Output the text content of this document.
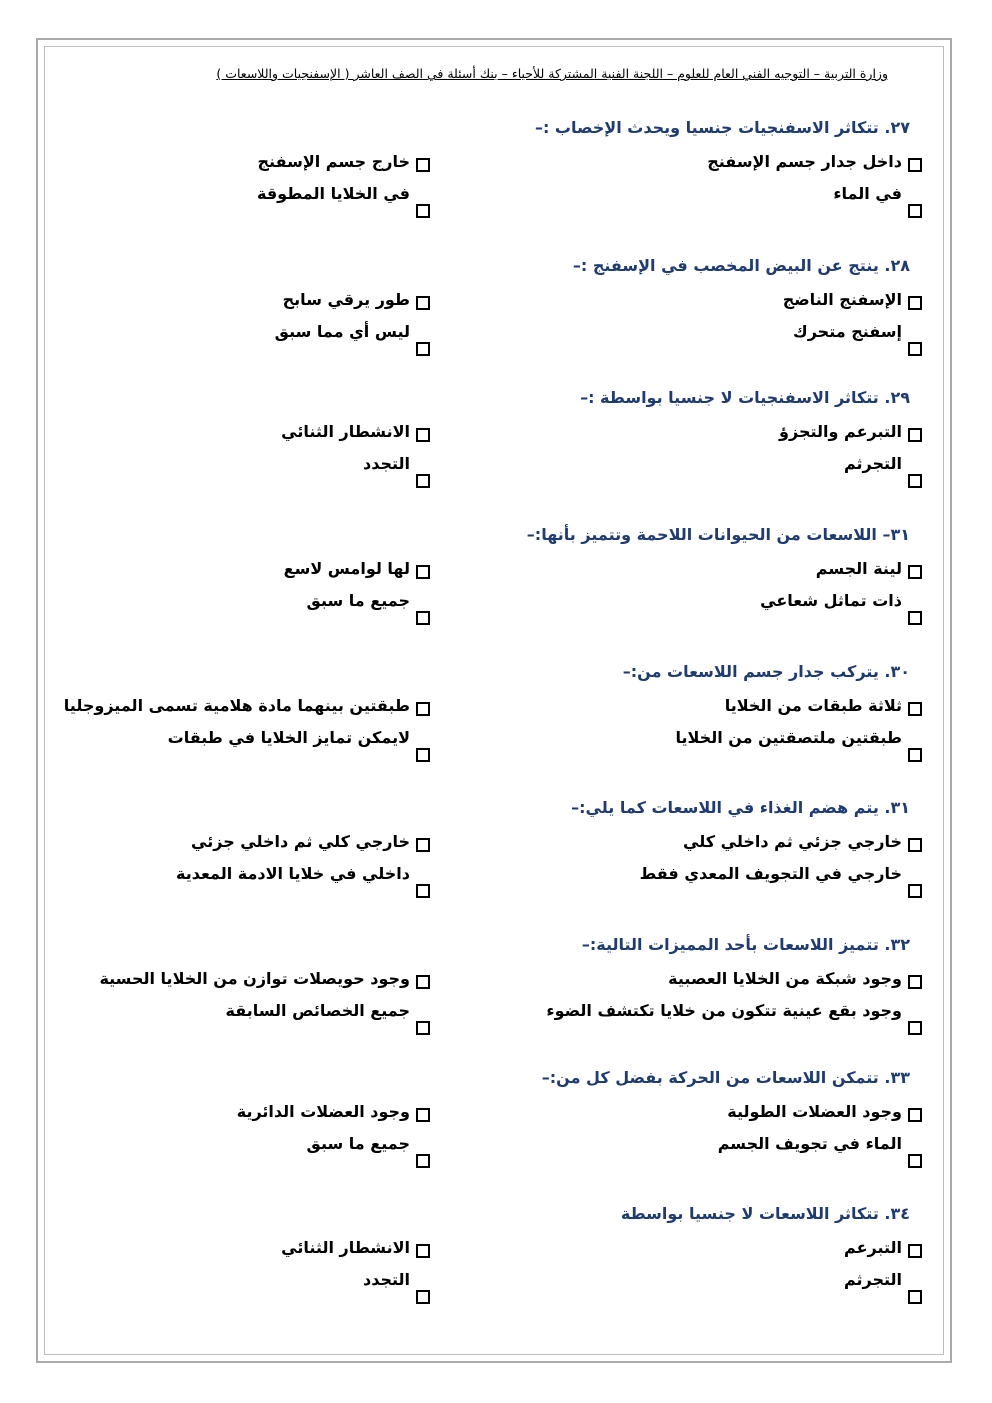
وزارة التربية – التوجيه الفني العام للعلوم – اللجنة الفنية المشتركة للأحياء – بنك أسئلة في الصف العاشر ( الإسفنجيات واللاسعات )
٢٧. تتكاثر الاسفنجيات جنسيا ويحدث الإخصاب :–
داخل جدار جسم الإسفنج
خارج جسم الإسفنج
في الماء
في الخلايا المطوقة
٢٨. ينتج عن البيض المخصب في الإسفنج :–
الإسفنج الناضج
طور يرقي سابح
إسفنج متحرك
ليس أي مما سبق
٢٩. تتكاثر الاسفنجيات لا جنسيا بواسطة :–
التبرعم والتجزؤ
الانشطار الثنائي
التجرثم
التجدد
٣١– اللاسعات من الحيوانات اللاحمة وتتميز بأنها:–
لينة الجسم
لها لوامس لاسع
ذات تماثل شعاعي
جميع ما سبق
٣٠. يتركب جدار جسم اللاسعات من:–
ثلاثة طبقات من الخلايا
طبقتين بينهما مادة هلامية تسمى الميزوجليا
طبقتين ملتصقتين من الخلايا
لايمكن تمايز الخلايا في طبقات
٣١. يتم هضم الغذاء في اللاسعات كما يلي:–
خارجي جزئي ثم داخلي كلي
خارجي كلي ثم داخلي جزئي
خارجي في التجويف المعدي فقط
داخلي في خلايا الادمة المعدية
٣٢. تتميز اللاسعات بأحد المميزات التالية:–
وجود شبكة من الخلايا العصبية
وجود حويصلات توازن من الخلايا الحسية
وجود بقع عينية تتكون من خلايا تكتشف الضوء
جميع الخصائص السابقة
٣٣. تتمكن اللاسعات من الحركة بفضل كل من:–
وجود العضلات الطولية
وجود العضلات الدائرية
الماء في تجويف الجسم
جميع ما سبق
٣٤. تتكاثر اللاسعات لا جنسيا بواسطة
التبرعم
الانشطار الثنائي
التجرثم
التجدد
